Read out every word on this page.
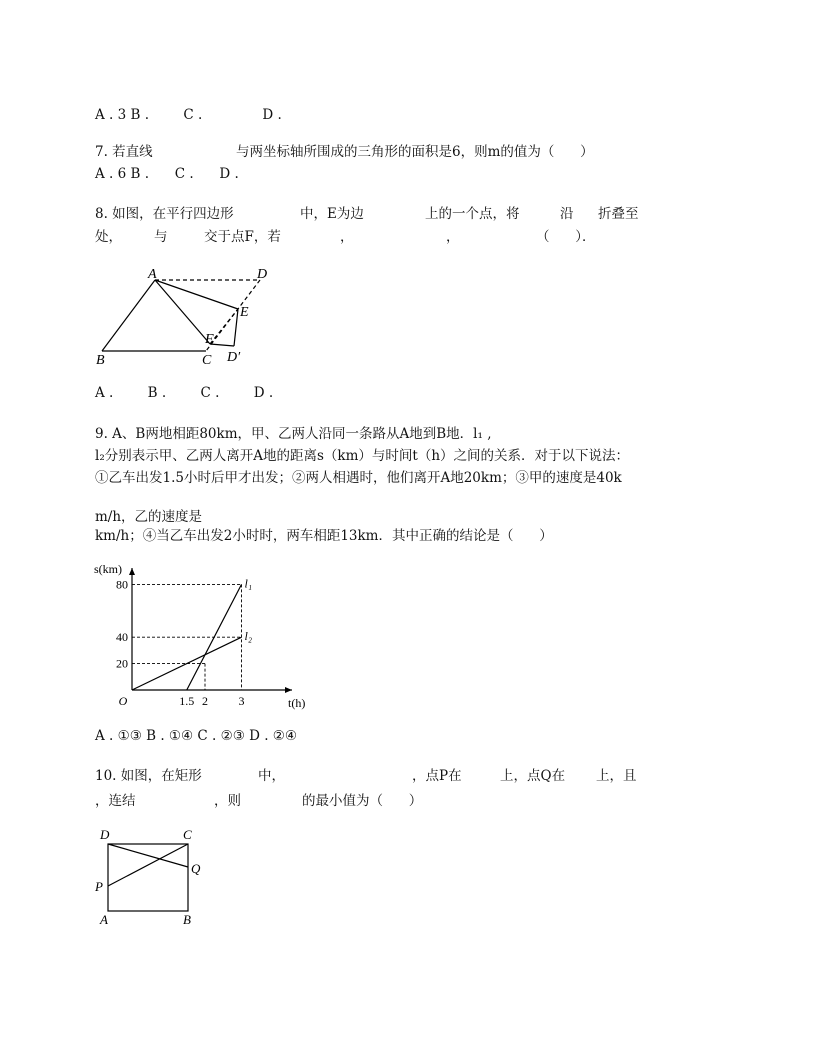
A . 3 B .        C .              D .
7. 若直线	与两坐标轴所围成的三角形的面积是6，则m的值为（      ）
A . 6 B .      C .      D .
8. 如图，在平行四边形	中，E为边	上的一个点，将	沿 折叠至
处， 与	交于点F，若	，	，	（      ）．
A	D
E
F
B	C D′
A .        B .        C .        D .
9. A、B两地相距80km，甲、乙两人沿同一条路从A地到B地．l₁ ,
l₂分别表示甲、乙两人离开A地的距离s（km）与时间t（h）之间的关系．对于以下说法：
①乙车出发1.5小时后甲才出发；②两人相遇时，他们离开A地20km；③甲的速度是40k
m/h，乙的速度是
km/h；④当乙车出发2小时时，两车相距13km．其中正确的结论是（      ）
l₁
l₂
20
40
80
O	1.5 2	3
s(km)
t(h)
A . ①③ B . ①④ C . ②③ D . ②④
10. 如图，在矩形	中，	，点P在	上，点Q在 上，且
，连结	，则	的最小值为（      ）
D	C
P
Q
A	B
